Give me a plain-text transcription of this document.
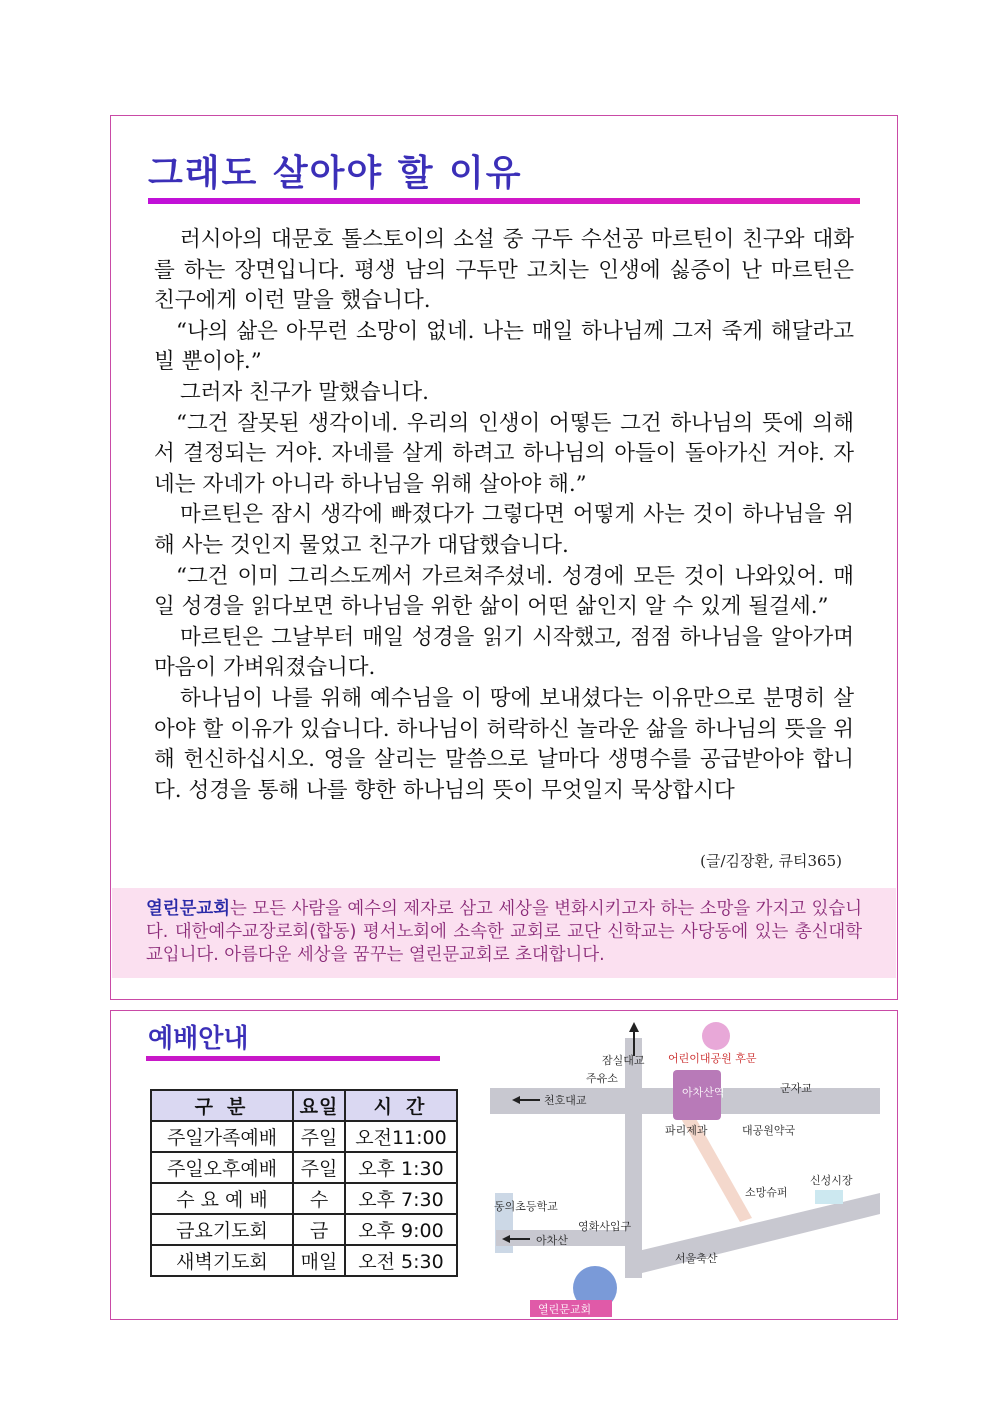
그래도 살아야 할 이유

러시아의 대문호 톨스토이의 소설 중 구두 수선공 마르틴이 친구와 대화를 하는 장면입니다. 평생 남의 구두만 고치는 인생에 싫증이 난 마르틴은 친구에게 이런 말을 했습니다.

“나의 삶은 아무런 소망이 없네. 나는 매일 하나님께 그저 죽게 해달라고 빌 뿐이야.”

그러자 친구가 말했습니다.

“그건 잘못된 생각이네. 우리의 인생이 어떻든 그건 하나님의 뜻에 의해서 결정되는 거야. 자네를 살게 하려고 하나님의 아들이 돌아가신 거야. 자네는 자네가 아니라 하나님을 위해 살아야 해.”

마르틴은 잠시 생각에 빠졌다가 그렇다면 어떻게 사는 것이 하나님을 위해 사는 것인지 물었고 친구가 대답했습니다.

“그건 이미 그리스도께서 가르쳐주셨네. 성경에 모든 것이 나와있어. 매일 성경을 읽다보면 하나님을 위한 삶이 어떤 삶인지 알 수 있게 될걸세.”

마르틴은 그날부터 매일 성경을 읽기 시작했고, 점점 하나님을 알아가며 마음이 가벼워졌습니다.

하나님이 나를 위해 예수님을 이 땅에 보내셨다는 이유만으로 분명히 살아야 할 이유가 있습니다. 하나님이 허락하신 놀라운 삶을 하나님의 뜻을 위해 헌신하십시오. 영을 살리는 말씀으로 날마다 생명수를 공급받아야 합니다. 성경을 통해 나를 향한 하나님의 뜻이 무엇일지 묵상합시다

(글/김장환, 큐티365)
열린문교회는 모든 사람을 예수의 제자로 삼고 세상을 변화시키고자 하는 소망을 가지고 있습니다. 대한예수교장로회(합동) 평서노회에 소속한 교회로 교단 신학교는 사당동에 있는 총신대학교입니다. 아름다운 세상을 꿈꾸는 열린문교회로 초대합니다.
예배안내
구분	요일	시간
주일가족예배	주일	오전11:00
주일오후예배	주일	오후 1:30
수 요 예 배	수	오후 7:30
금요기도회	금	오후 9:00
새벽기도회	매일	오전 5:30
잠실대교 어린이대공원 후문
주유소
아차산역	군자교
천호대교
파리제과	대공원약국
소망슈퍼
신성시장
동의초등학교
영화사입구
아차산
서울축산
열린문교회
